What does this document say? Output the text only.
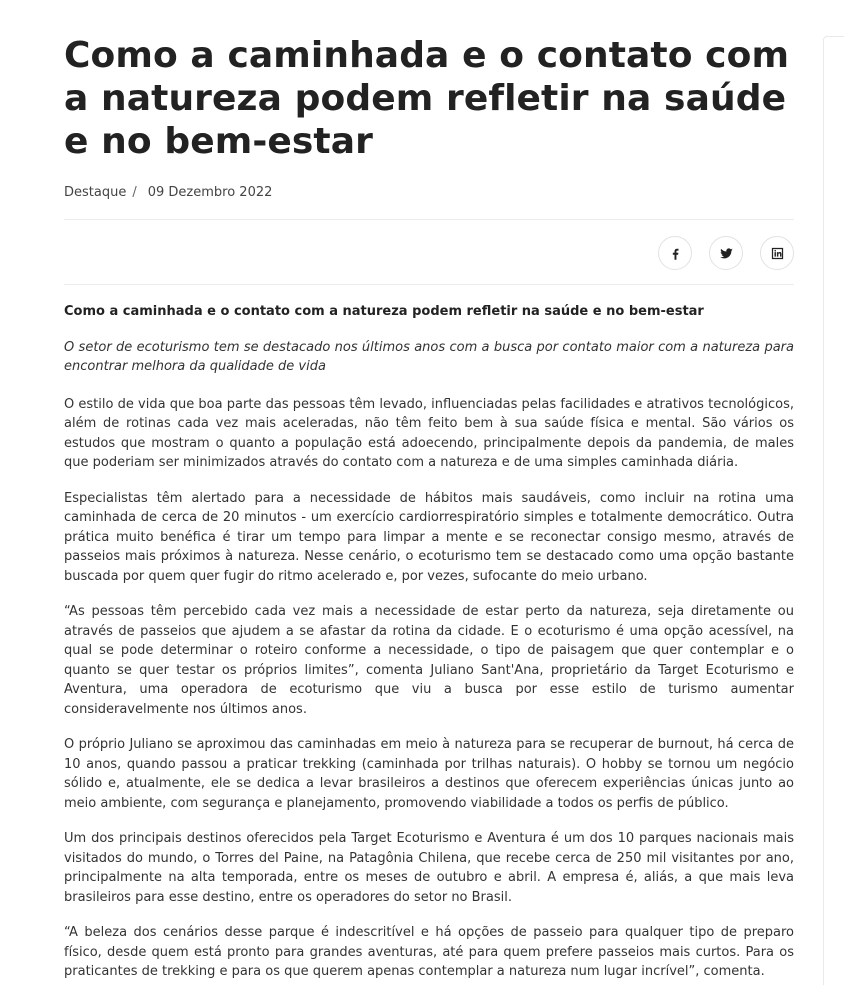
Como a caminhada e o contato com a natureza podem refletir na saúde e no bem-estar
Destaque / 09 Dezembro 2022

Como a caminhada e o contato com a natureza podem refletir na saúde e no bem-estar

O setor de ecoturismo tem se destacado nos últimos anos com a busca por contato maior com a natureza para encontrar melhora da qualidade de vida

O estilo de vida que boa parte das pessoas têm levado, influenciadas pelas facilidades e atrativos tecnológicos, além de rotinas cada vez mais aceleradas, não têm feito bem à sua saúde física e mental. São vários os estudos que mostram o quanto a população está adoecendo, principalmente depois da pandemia, de males que poderiam ser minimizados através do contato com a natureza e de uma simples caminhada diária.

Especialistas têm alertado para a necessidade de hábitos mais saudáveis, como incluir na rotina uma caminhada de cerca de 20 minutos - um exercício cardiorrespiratório simples e totalmente democrático. Outra prática muito benéfica é tirar um tempo para limpar a mente e se reconectar consigo mesmo, através de passeios mais próximos à natureza. Nesse cenário, o ecoturismo tem se destacado como uma opção bastante buscada por quem quer fugir do ritmo acelerado e, por vezes, sufocante do meio urbano.

“As pessoas têm percebido cada vez mais a necessidade de estar perto da natureza, seja diretamente ou através de passeios que ajudem a se afastar da rotina da cidade. E o ecoturismo é uma opção acessível, na qual se pode determinar o roteiro conforme a necessidade, o tipo de paisagem que quer contemplar e o quanto se quer testar os próprios limites”, comenta Juliano Sant'Ana, proprietário da Target Ecoturismo e Aventura, uma operadora de ecoturismo que viu a busca por esse estilo de turismo aumentar consideravelmente nos últimos anos.

O próprio Juliano se aproximou das caminhadas em meio à natureza para se recuperar de burnout, há cerca de 10 anos, quando passou a praticar trekking (caminhada por trilhas naturais). O hobby se tornou um negócio sólido e, atualmente, ele se dedica a levar brasileiros a destinos que oferecem experiências únicas junto ao meio ambiente, com segurança e planejamento, promovendo viabilidade a todos os perfis de público.

Um dos principais destinos oferecidos pela Target Ecoturismo e Aventura é um dos 10 parques nacionais mais visitados do mundo, o Torres del Paine, na Patagônia Chilena, que recebe cerca de 250 mil visitantes por ano, principalmente na alta temporada, entre os meses de outubro e abril. A empresa é, aliás, a que mais leva brasileiros para esse destino, entre os operadores do setor no Brasil.

“A beleza dos cenários desse parque é indescritível e há opções de passeio para qualquer tipo de preparo físico, desde quem está pronto para grandes aventuras, até para quem prefere passeios mais curtos. Para os praticantes de trekking e para os que querem apenas contemplar a natureza num lugar incrível”, comenta.
